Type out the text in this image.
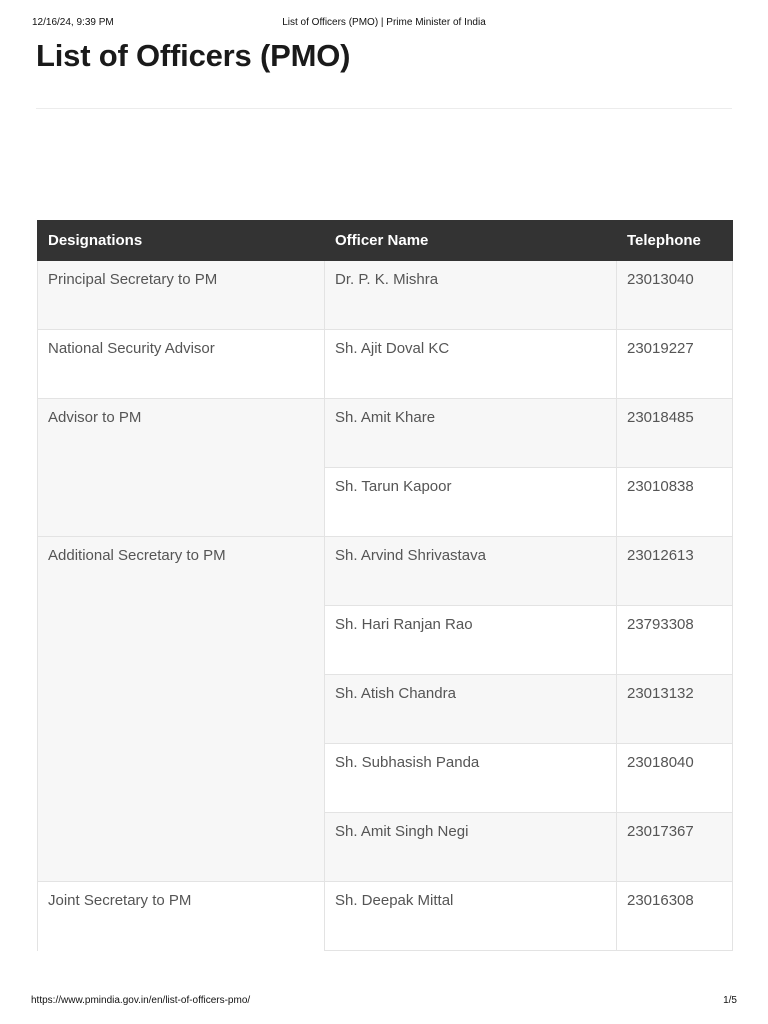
12/16/24, 9:39 PM	List of Officers (PMO) | Prime Minister of India
List of Officers (PMO)
Designations	Officer Name	Telephone
Principal Secretary to PM	Dr. P. K. Mishra	23013040
National Security Advisor	Sh. Ajit Doval KC	23019227
Advisor to PM	Sh. Amit Khare	23018485
	Sh. Tarun Kapoor	23010838
Additional Secretary to PM	Sh. Arvind Shrivastava	23012613
	Sh. Hari Ranjan Rao	23793308
	Sh. Atish Chandra	23013132
	Sh. Subhasish Panda	23018040
	Sh. Amit Singh Negi	23017367
Joint Secretary to PM	Sh. Deepak Mittal	23016308
https://www.pmindia.gov.in/en/list-of-officers-pmo/	1/5
